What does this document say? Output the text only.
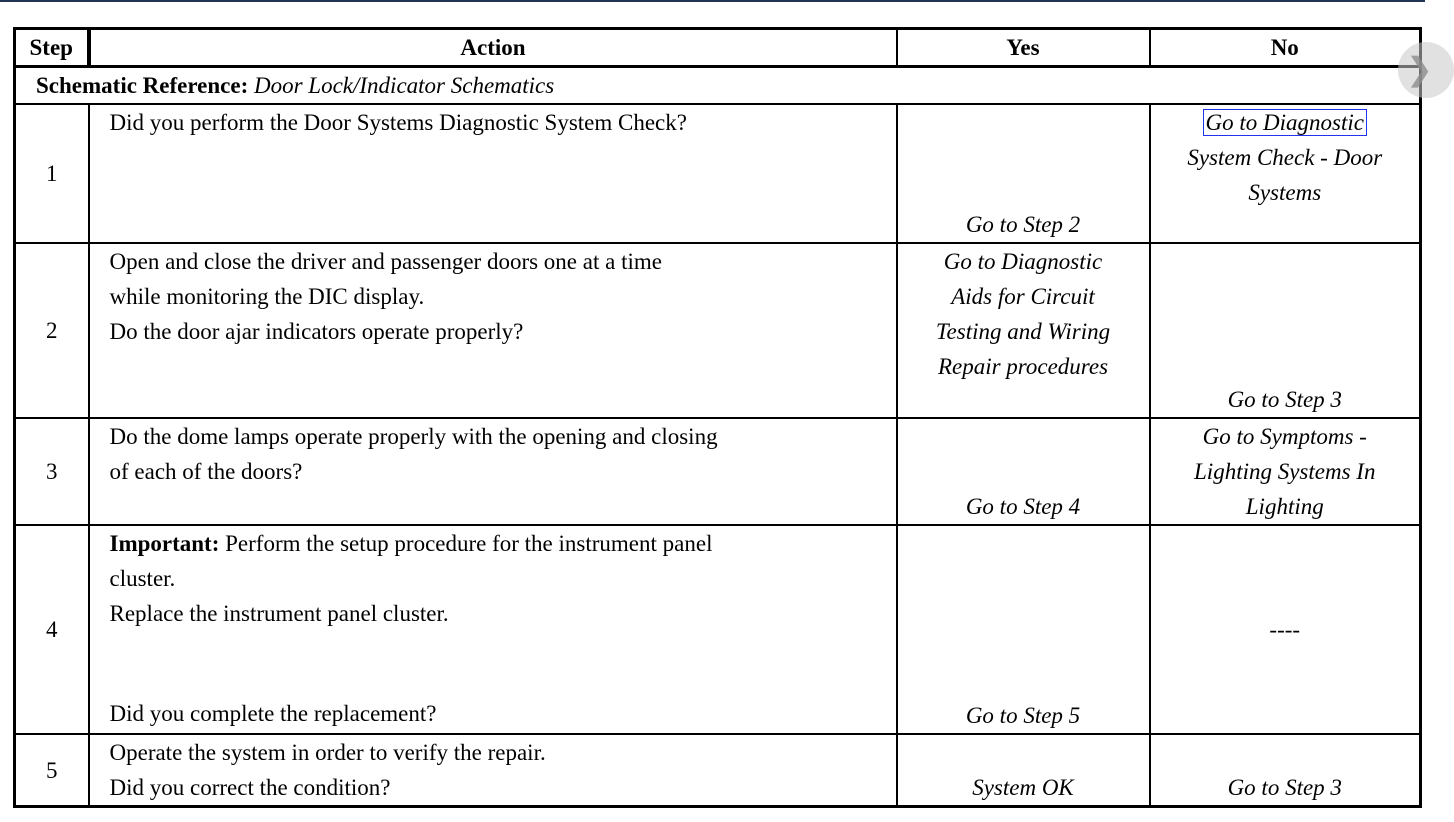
Step	Action	Yes	No
Schematic Reference: Door Lock/Indicator Schematics			
1	Did you perform the Door Systems Diagnostic System Check?	Go to Step 2	Go to Diagnostic
System Check - Door Systems

2	Open and close the driver and passenger doors one at a time
while monitoring the DIC display.
Do the door ajar indicators operate properly?	Go to Diagnostic Aids for Circuit Testing and Wiring Repair procedures	Go to Step 3
3	Do the dome lamps operate properly with the opening and closing
of each of the doors?	Go to Step 4	Go to Symptoms - Lighting Systems In Lighting
4	Important: Perform the setup procedure for the instrument panel
cluster.
Replace the instrument panel cluster.
Did you complete the replacement?	Go to Step 5	----
5	Operate the system in order to verify the repair.
Did you correct the condition?	System OK	Go to Step 3
❯
